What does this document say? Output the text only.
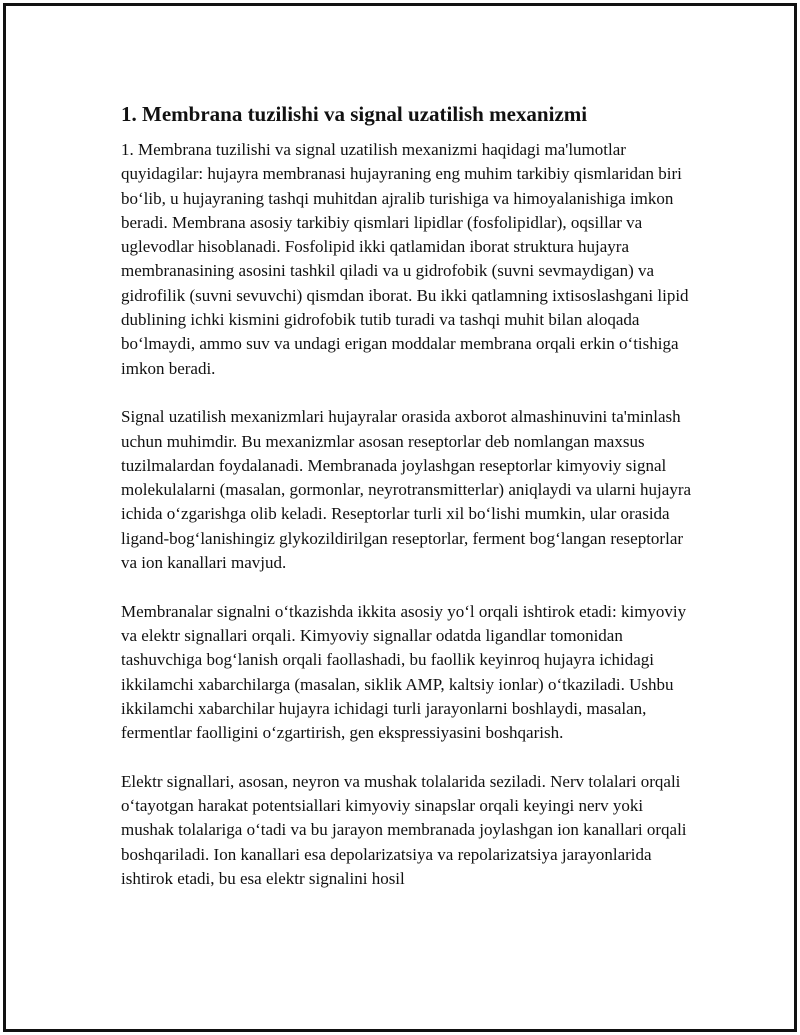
1. Membrana tuzilishi va signal uzatilish mexanizmi

1. Membrana tuzilishi va signal uzatilish mexanizmi haqidagi ma'lumotlar quyidagilar: hujayra membranasi hujayraning eng muhim tarkibiy qismlaridan biri bo‘lib, u hujayraning tashqi muhitdan ajralib turishiga va himoyalanishiga imkon beradi. Membrana asosiy tarkibiy qismlari lipidlar (fosfolipidlar), oqsillar va uglevodlar hisoblanadi. Fosfolipid ikki qatlamidan iborat struktura hujayra membranasining asosini tashkil qiladi va u gidrofobik (suvni sevmaydigan) va gidrofilik (suvni sevuvchi) qismdan iborat. Bu ikki qatlamning ixtisoslashgani lipid dublining ichki kismini gidrofobik tutib turadi va tashqi muhit bilan aloqada bo‘lmaydi, ammo suv va undagi erigan moddalar membrana orqali erkin o‘tishiga imkon beradi.

Signal uzatilish mexanizmlari hujayralar orasida axborot almashinuvini ta'minlash uchun muhimdir. Bu mexanizmlar asosan reseptorlar deb nomlangan maxsus tuzilmalardan foydalanadi. Membranada joylashgan reseptorlar kimyoviy signal molekulalarni (masalan, gormonlar, neyrotransmitterlar) aniqlaydi va ularni hujayra ichida o‘zgarishga olib keladi. Reseptorlar turli xil bo‘lishi mumkin, ular orasida ligand-bog‘lanishingiz glykozildirilgan reseptorlar, ferment bog‘langan reseptorlar va ion kanallari mavjud.

Membranalar signalni o‘tkazishda ikkita asosiy yo‘l orqali ishtirok etadi: kimyoviy va elektr signallari orqali. Kimyoviy signallar odatda ligandlar tomonidan tashuvchiga bog‘lanish orqali faollashadi, bu faollik keyinroq hujayra ichidagi ikkilamchi xabarchilarga (masalan, siklik AMP, kaltsiy ionlar) o‘tkaziladi. Ushbu ikkilamchi xabarchilar hujayra ichidagi turli jarayonlarni boshlaydi, masalan, fermentlar faolligini o‘zgartirish, gen ekspressiyasini boshqarish.

Elektr signallari, asosan, neyron va mushak tolalarida seziladi. Nerv tolalari orqali o‘tayotgan harakat potentsiallari kimyoviy sinapslar orqali keyingi nerv yoki mushak tolalariga o‘tadi va bu jarayon membranada joylashgan ion kanallari orqali boshqariladi. Ion kanallari esa depolarizatsiya va repolarizatsiya jarayonlarida ishtirok etadi, bu esa elektr signalini hosil
